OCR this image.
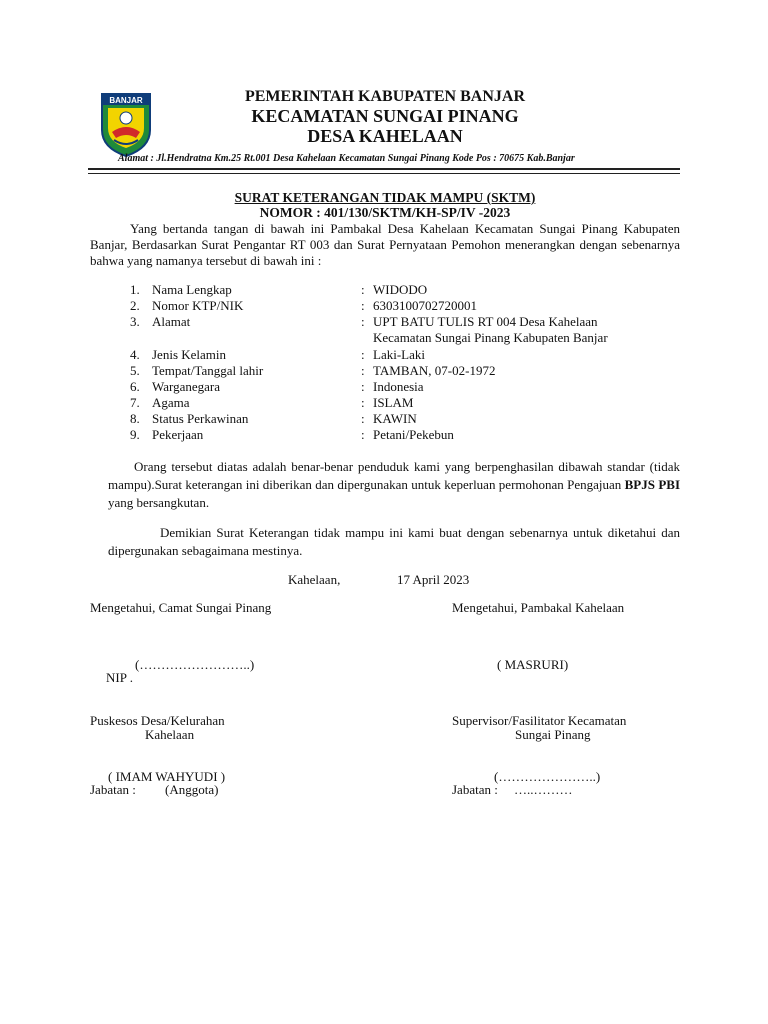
BANJAR	PEMERINTAH KABUPATEN BANJAR
KECAMATAN SUNGAI PINANG
DESA KAHELAAN
Alamat : Jl.Hendratna Km.25 Rt.001 Desa Kahelaan Kecamatan Sungai Pinang Kode Pos : 70675 Kab.Banjar
SURAT KETERANGAN TIDAK MAMPU (SKTM)
NOMOR : 401/130/SKTM/KH-SP/IV -2023
Yang bertanda tangan di bawah ini Pambakal Desa Kahelaan Kecamatan Sungai Pinang Kabupaten Banjar, Berdasarkan Surat Pengantar RT 003 dan Surat Pernyataan Pemohon menerangkan dengan sebenarnya bahwa yang namanya tersebut di bawah ini :
1. Nama Lengkap	: WIDODO
2. Nomor KTP/NIK	: 6303100702720001
3. Alamat	: UPT BATU TULIS RT 004 Desa Kahelaan
Kecamatan Sungai Pinang Kabupaten Banjar
4. Jenis Kelamin	: Laki-Laki
5. Tempat/Tanggal lahir	: TAMBAN, 07-02-1972
6. Warganegara	: Indonesia
7. Agama	: ISLAM
8. Status Perkawinan	: KAWIN
9. Pekerjaan	: Petani/Pekebun
Orang tersebut diatas adalah benar-benar penduduk kami yang berpenghasilan dibawah standar (tidak mampu).Surat keterangan ini diberikan dan dipergunakan untuk keperluan permohonan Pengajuan BPJS PBI yang bersangkutan.
Demikian Surat Keterangan tidak mampu ini kami buat dengan sebenarnya untuk diketahui dan dipergunakan sebagaimana mestinya.
Kahelaan,	17 April 2023
Mengetahui, Camat Sungai Pinang	Mengetahui, Pambakal Kahelaan
(……………………..)	( MASRURI)
NIP .
Puskesos Desa/Kelurahan
Kahelaan
Supervisor/Fasilitator Kecamatan
Sungai Pinang
( IMAM WAHYUDI )	(…………………..)
Jabatan : (Anggota)	Jabatan : …..………
